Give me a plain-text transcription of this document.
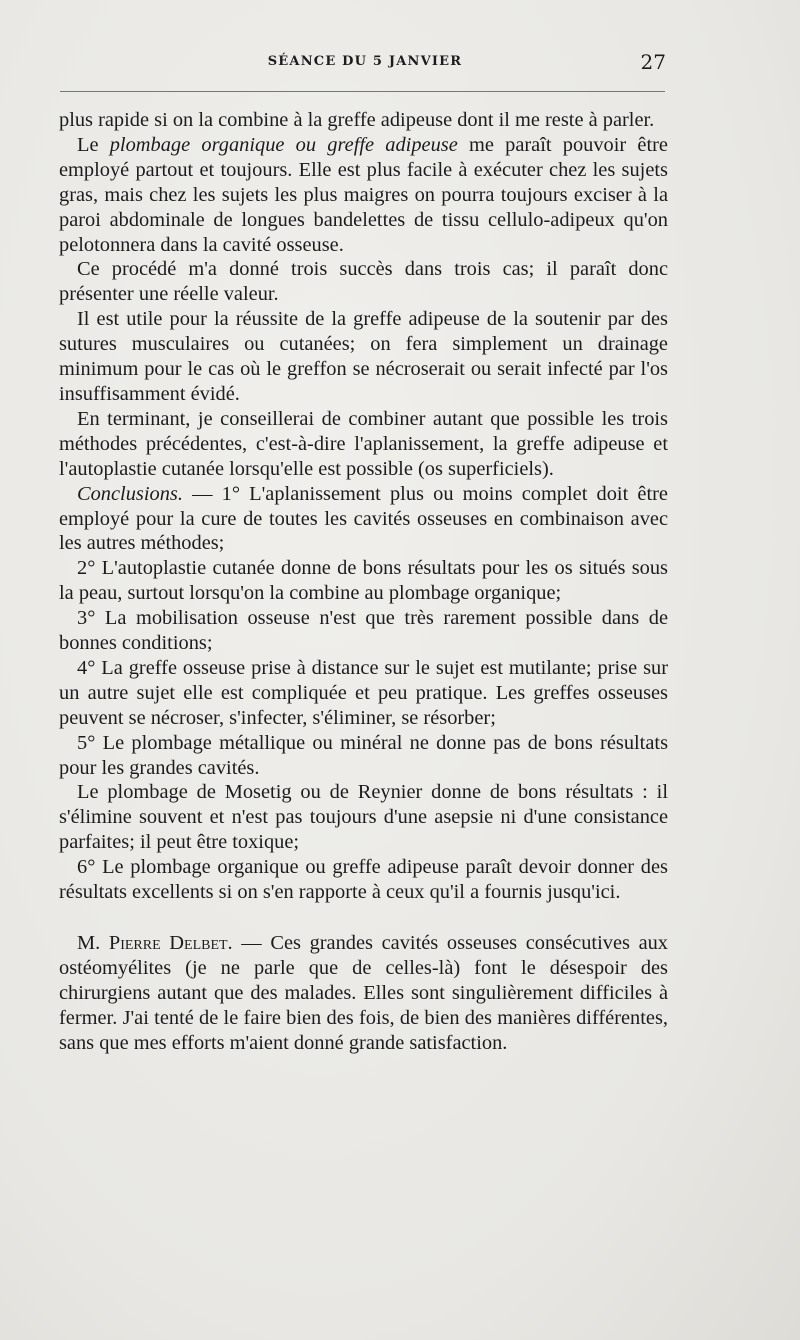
SÉANCE DU 5 JANVIER	27

plus rapide si on la combine à la greffe adipeuse dont il me reste à parler.

Le plombage organique ou greffe adipeuse me paraît pouvoir être employé partout et toujours. Elle est plus facile à exécuter chez les sujets gras, mais chez les sujets les plus maigres on pourra toujours exciser à la paroi abdominale de longues bandelettes de tissu cellulo-adipeux qu'on pelotonnera dans la cavité osseuse.

Ce procédé m'a donné trois succès dans trois cas; il paraît donc présenter une réelle valeur.

Il est utile pour la réussite de la greffe adipeuse de la soutenir par des sutures musculaires ou cutanées; on fera simplement un drainage minimum pour le cas où le greffon se nécroserait ou serait infecté par l'os insuffisamment évidé.

En terminant, je conseillerai de combiner autant que possible les trois méthodes précédentes, c'est-à-dire l'aplanissement, la greffe adipeuse et l'autoplastie cutanée lorsqu'elle est possible (os superficiels).

Conclusions. — 1° L'aplanissement plus ou moins complet doit être employé pour la cure de toutes les cavités osseuses en combinaison avec les autres méthodes;

2° L'autoplastie cutanée donne de bons résultats pour les os situés sous la peau, surtout lorsqu'on la combine au plombage organique;

3° La mobilisation osseuse n'est que très rarement possible dans de bonnes conditions;

4° La greffe osseuse prise à distance sur le sujet est mutilante; prise sur un autre sujet elle est compliquée et peu pratique. Les greffes osseuses peuvent se nécroser, s'infecter, s'éliminer, se résorber;

5° Le plombage métallique ou minéral ne donne pas de bons résultats pour les grandes cavités.

Le plombage de Mosetig ou de Reynier donne de bons résultats : il s'élimine souvent et n'est pas toujours d'une asepsie ni d'une consistance parfaites; il peut être toxique;

6° Le plombage organique ou greffe adipeuse paraît devoir donner des résultats excellents si on s'en rapporte à ceux qu'il a fournis jusqu'ici.

M. Pierre Delbet. — Ces grandes cavités osseuses consécutives aux ostéomyélites (je ne parle que de celles-là) font le désespoir des chirurgiens autant que des malades. Elles sont singulièrement difficiles à fermer. J'ai tenté de le faire bien des fois, de bien des manières différentes, sans que mes efforts m'aient donné grande satisfaction.
